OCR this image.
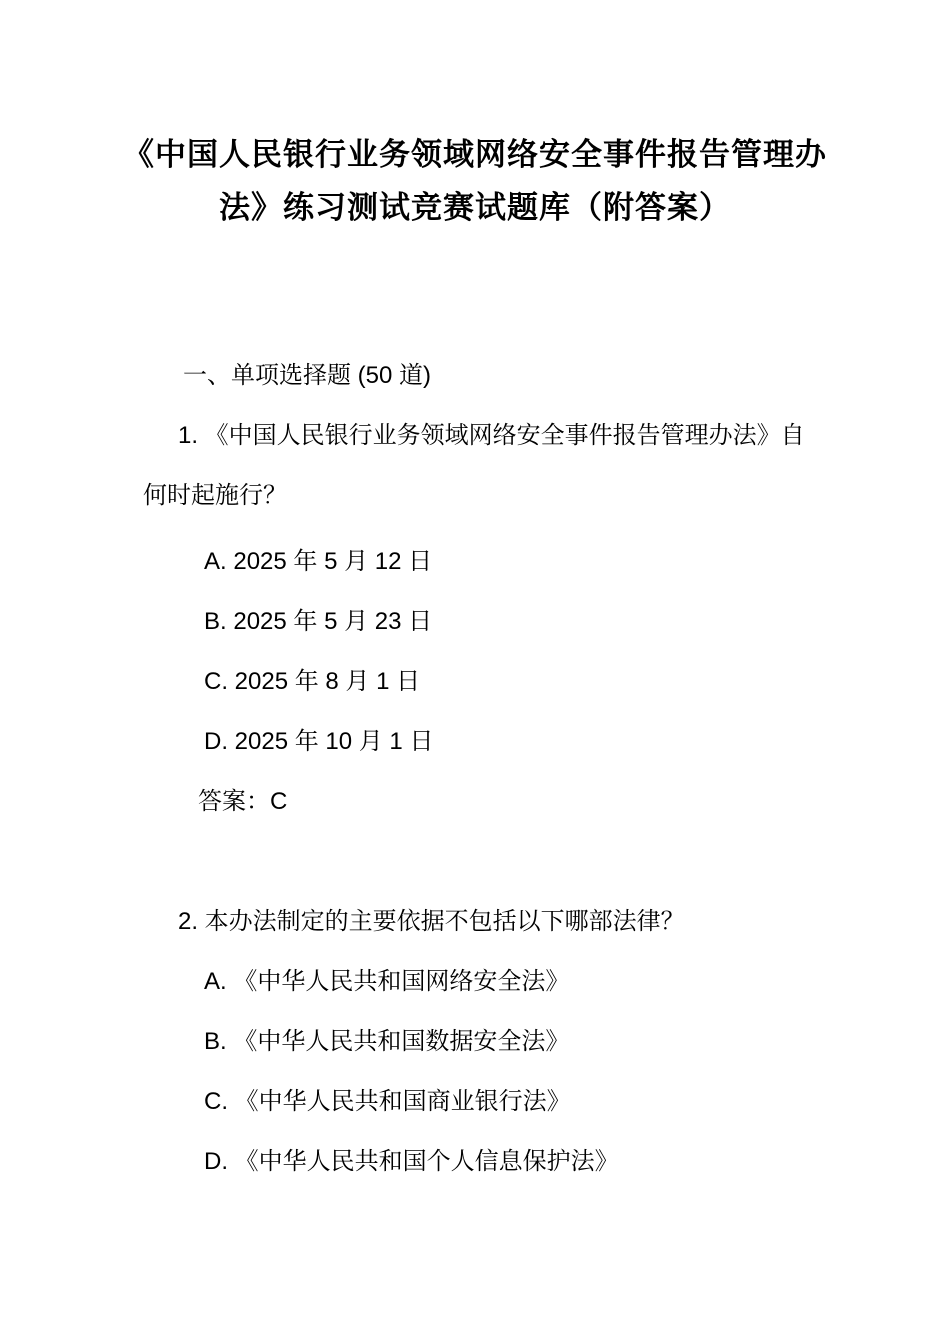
《中国人民银行业务领域网络安全事件报告管理办
法》练习测试竞赛试题库（附答案）
一、单项选择题 (50 道)
1. 《中国人民银行业务领域网络安全事件报告管理办法》自
何时起施行？
A. 2025 年 5 月 12 日
B. 2025 年 5 月 23 日
C. 2025 年 8 月 1 日
D. 2025 年 10 月 1 日
答案：C
2. 本办法制定的主要依据不包括以下哪部法律？
A. 《中华人民共和国网络安全法》
B. 《中华人民共和国数据安全法》
C. 《中华人民共和国商业银行法》
D. 《中华人民共和国个人信息保护法》
